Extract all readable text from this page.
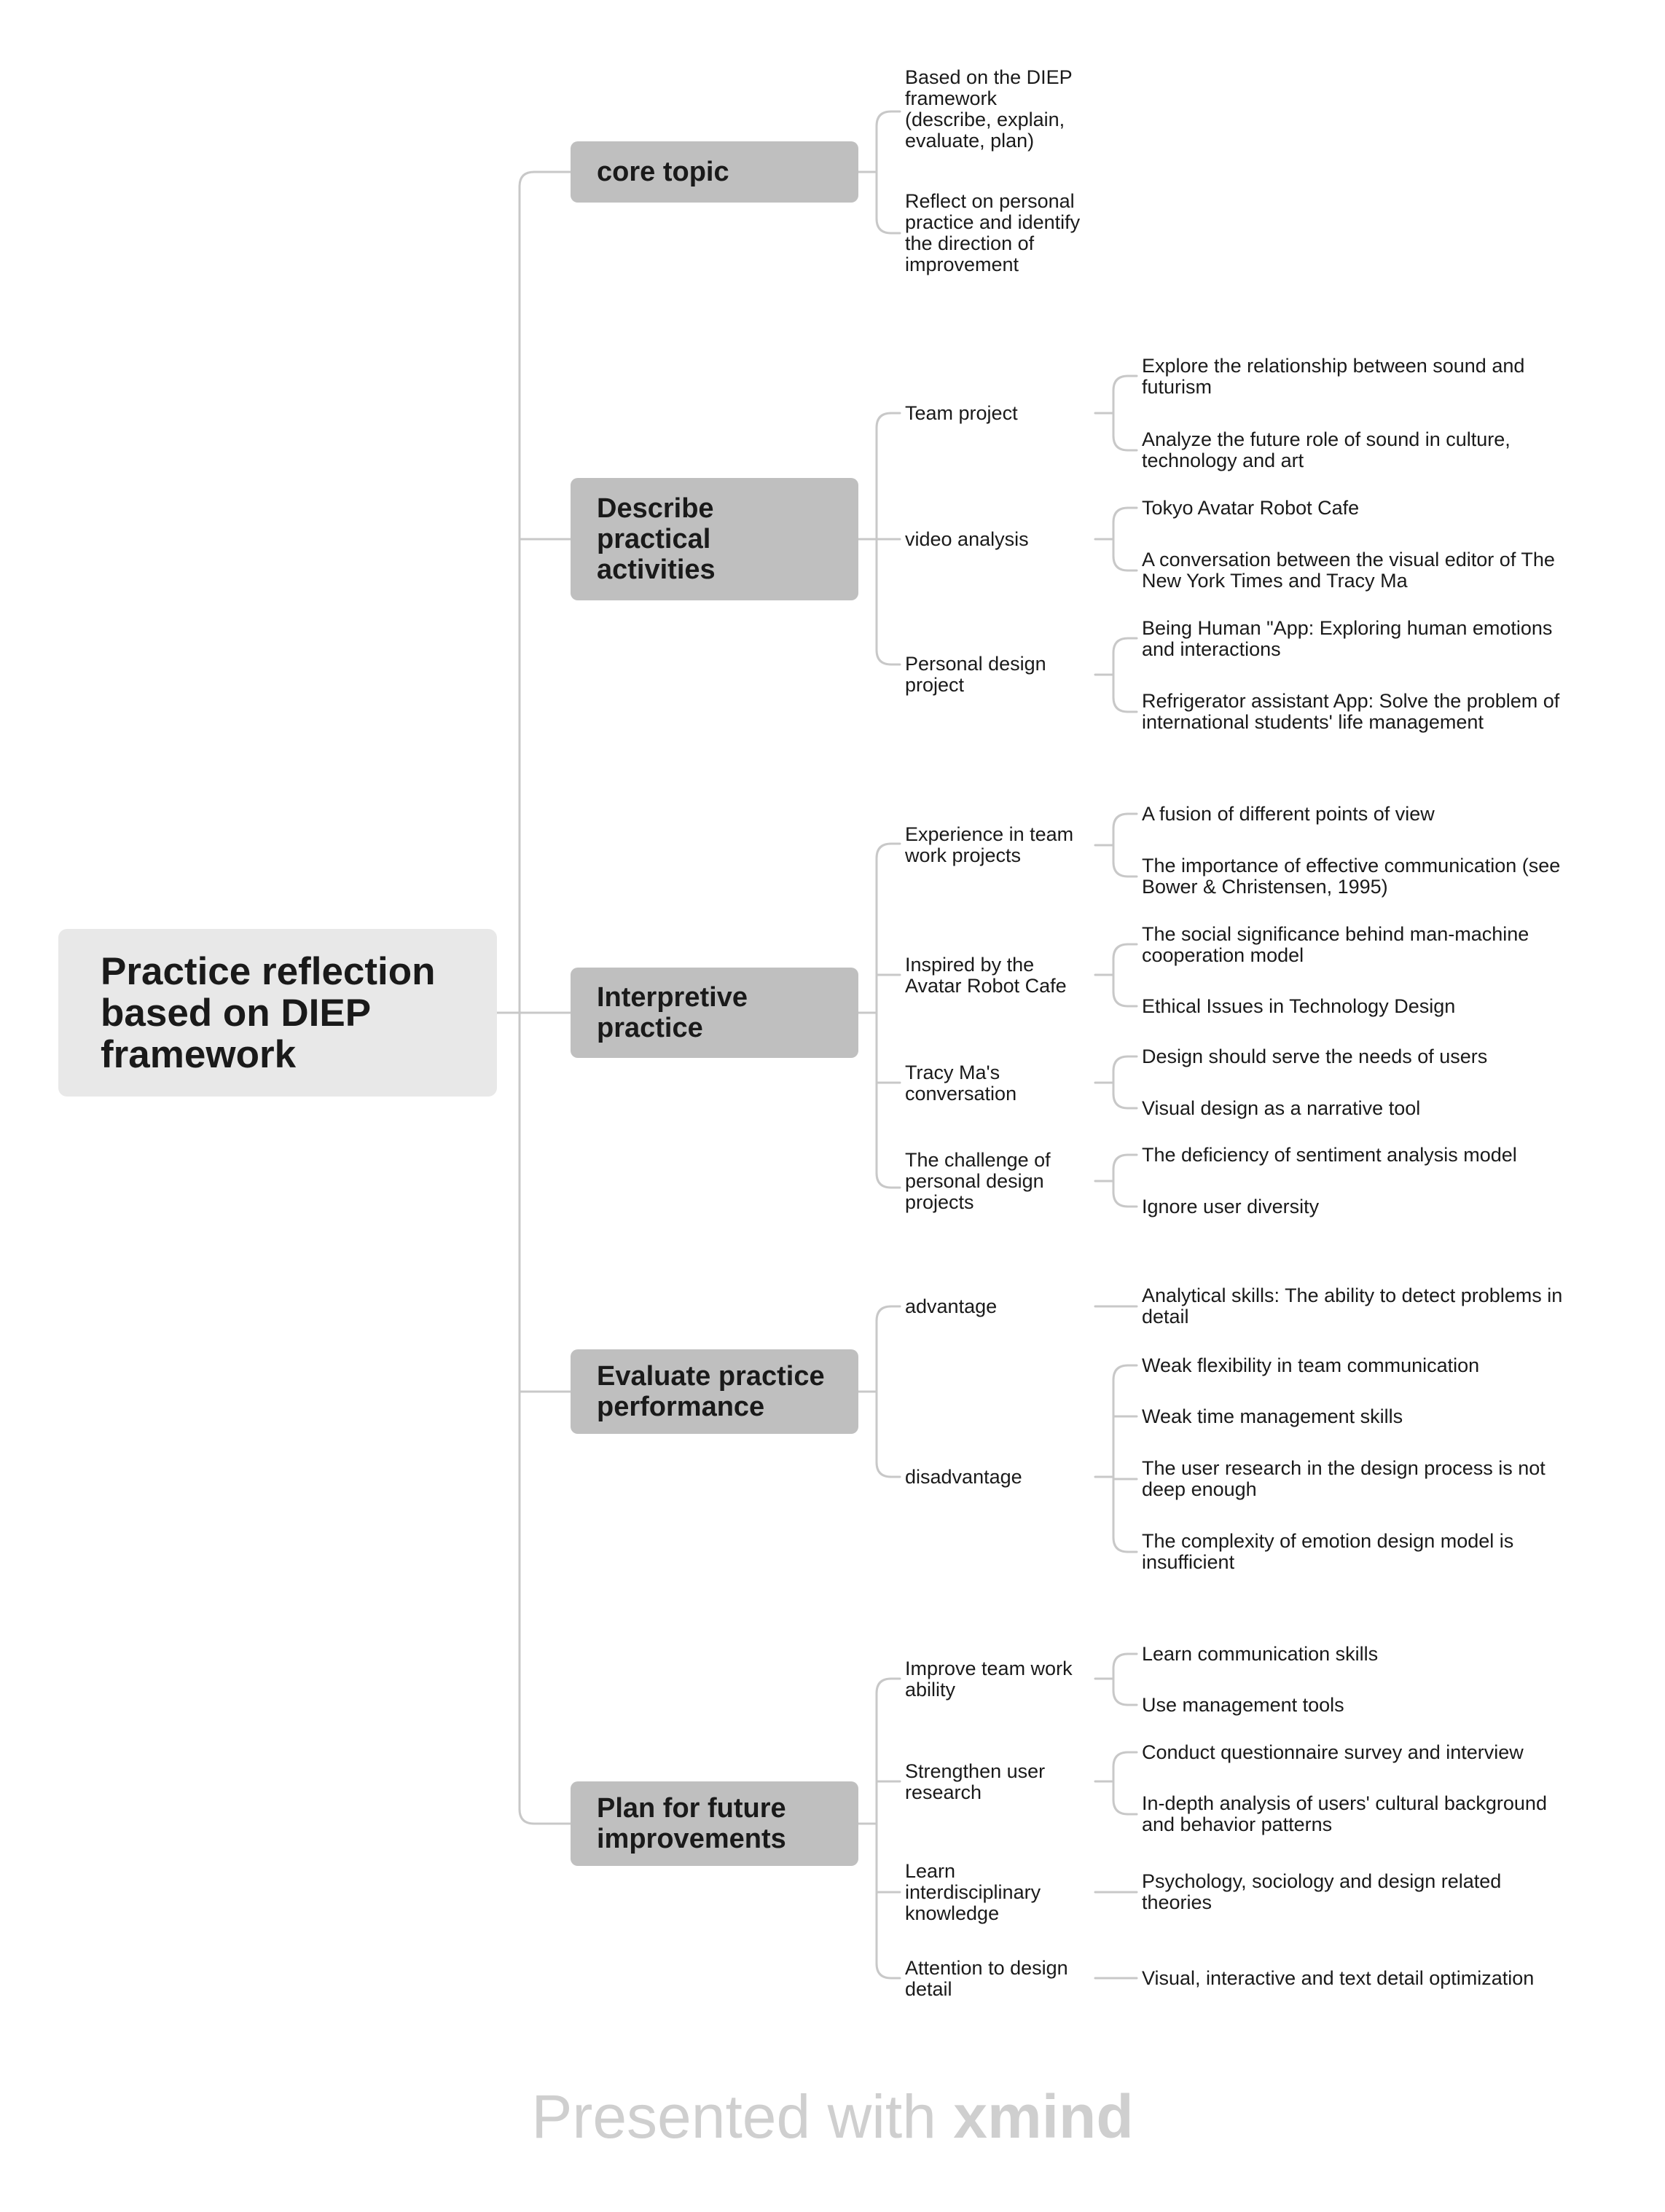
Practice reflection
based on DIEP
framework
core topic
Describe
practical
activities
Interpretive
practice
Evaluate practice
performance
Plan for future
improvements

Based on the DIEP
framework
(describe, explain,
evaluate, plan)

Reflect on personal
practice and identify
the direction of
improvement

Team project

video analysis

Personal design
project

Explore the relationship between sound and
futurism

Analyze the future role of sound in culture,
technology and art

Tokyo Avatar Robot Cafe

A conversation between the visual editor of The
New York Times and Tracy Ma

Being Human "App: Exploring human emotions
and interactions

Refrigerator assistant App: Solve the problem of
international students' life management

Experience in team
work projects

Inspired by the
Avatar Robot Cafe

Tracy Ma's
conversation

The challenge of
personal design
projects

A fusion of different points of view

The importance of effective communication (see
Bower & Christensen, 1995)

The social significance behind man-machine
cooperation model

Ethical Issues in Technology Design

Design should serve the needs of users

Visual design as a narrative tool

The deficiency of sentiment analysis model

Ignore user diversity

advantage

disadvantage

Analytical skills: The ability to detect problems in
detail

Weak flexibility in team communication

Weak time management skills

The user research in the design process is not
deep enough

The complexity of emotion design model is
insufficient

Improve team work
ability

Strengthen user
research

Learn
interdisciplinary
knowledge

Attention to design
detail

Learn communication skills

Use management tools

Conduct questionnaire survey and interview

In-depth analysis of users' cultural background
and behavior patterns

Psychology, sociology and design related
theories

Visual, interactive and text detail optimization

Presented with xmind
